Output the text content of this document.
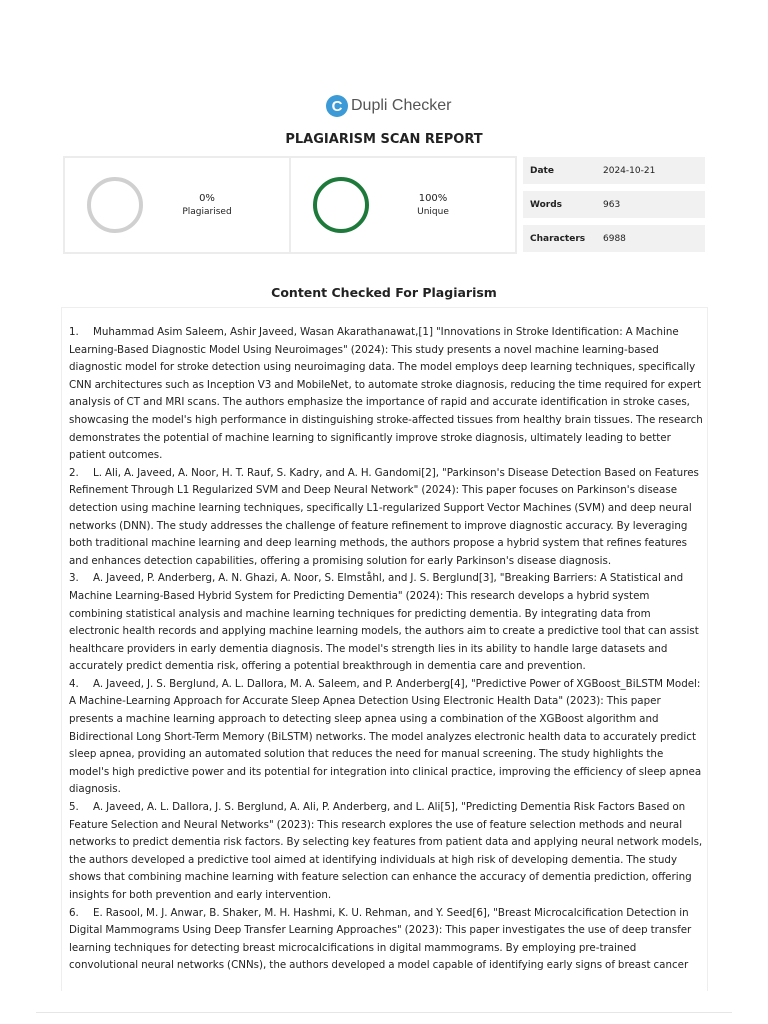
C Dupli Checker
PLAGIARISM SCAN REPORT
0%
Plagiarised
100%
Unique
Date	2024-10-21
Words	963
Characters	6988
Content Checked For Plagiarism

1. Muhammad Asim Saleem, Ashir Javeed, Wasan Akarathanawat,[1] "Innovations in Stroke Identification: A Machine Learning-Based Diagnostic Model Using Neuroimages" (2024): This study presents a novel machine learning-based diagnostic model for stroke detection using neuroimaging data. The model employs deep learning techniques, specifically CNN architectures such as Inception V3 and MobileNet, to automate stroke diagnosis, reducing the time required for expert analysis of CT and MRI scans. The authors emphasize the importance of rapid and accurate identification in stroke cases, showcasing the model's high performance in distinguishing stroke-affected tissues from healthy brain tissues. The research demonstrates the potential of machine learning to significantly improve stroke diagnosis, ultimately leading to better patient outcomes.

2. L. Ali, A. Javeed, A. Noor, H. T. Rauf, S. Kadry, and A. H. Gandomi[2], "Parkinson's Disease Detection Based on Features Refinement Through L1 Regularized SVM and Deep Neural Network" (2024): This paper focuses on Parkinson's disease detection using machine learning techniques, specifically L1-regularized Support Vector Machines (SVM) and deep neural networks (DNN). The study addresses the challenge of feature refinement to improve diagnostic accuracy. By leveraging both traditional machine learning and deep learning methods, the authors propose a hybrid system that refines features and enhances detection capabilities, offering a promising solution for early Parkinson's disease diagnosis.

3. A. Javeed, P. Anderberg, A. N. Ghazi, A. Noor, S. Elmståhl, and J. S. Berglund[3], "Breaking Barriers: A Statistical and Machine Learning-Based Hybrid System for Predicting Dementia" (2024): This research develops a hybrid system combining statistical analysis and machine learning techniques for predicting dementia. By integrating data from electronic health records and applying machine learning models, the authors aim to create a predictive tool that can assist healthcare providers in early dementia diagnosis. The model's strength lies in its ability to handle large datasets and accurately predict dementia risk, offering a potential breakthrough in dementia care and prevention.

4. A. Javeed, J. S. Berglund, A. L. Dallora, M. A. Saleem, and P. Anderberg[4], "Predictive Power of XGBoost_BiLSTM Model: A Machine-Learning Approach for Accurate Sleep Apnea Detection Using Electronic Health Data" (2023): This paper presents a machine learning approach to detecting sleep apnea using a combination of the XGBoost algorithm and Bidirectional Long Short-Term Memory (BiLSTM) networks. The model analyzes electronic health data to accurately predict sleep apnea, providing an automated solution that reduces the need for manual screening. The study highlights the model's high predictive power and its potential for integration into clinical practice, improving the efficiency of sleep apnea diagnosis.

5. A. Javeed, A. L. Dallora, J. S. Berglund, A. Ali, P. Anderberg, and L. Ali[5], "Predicting Dementia Risk Factors Based on Feature Selection and Neural Networks" (2023): This research explores the use of feature selection methods and neural networks to predict dementia risk factors. By selecting key features from patient data and applying neural network models, the authors developed a predictive tool aimed at identifying individuals at high risk of developing dementia. The study shows that combining machine learning with feature selection can enhance the accuracy of dementia prediction, offering insights for both prevention and early intervention.

6. E. Rasool, M. J. Anwar, B. Shaker, M. H. Hashmi, K. U. Rehman, and Y. Seed[6], "Breast Microcalcification Detection in Digital Mammograms Using Deep Transfer Learning Approaches" (2023): This paper investigates the use of deep transfer learning techniques for detecting breast microcalcifications in digital mammograms. By employing pre-trained convolutional neural networks (CNNs), the authors developed a model capable of identifying early signs of breast cancer
